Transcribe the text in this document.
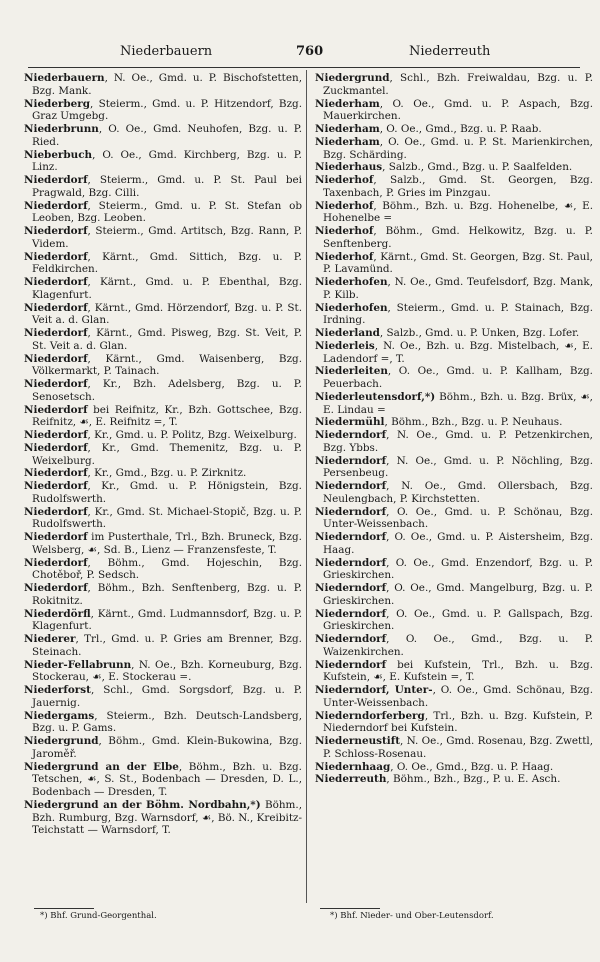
Niederbauern	760	Niederreuth

Niederbauern, N. Oe., Gmd. u. P. Bischofstetten, Bzg. Mank.

Niederberg, Steierm., Gmd. u. P. Hitzendorf, Bzg. Graz Umgebg.

Niederbrunn, O. Oe., Gmd. Neuhofen, Bzg. u. P. Ried.

Nieberbuch, O. Oe., Gmd. Kirchberg, Bzg. u. P. Linz.

Niederdorf, Steierm., Gmd. u. P. St. Paul bei Pragwald, Bzg. Cilli.

Niederdorf, Steierm., Gmd. u. P. St. Stefan ob Leoben, Bzg. Leoben.

Niederdorf, Steierm., Gmd. Artitsch, Bzg. Rann, P. Videm.

Niederdorf, Kärnt., Gmd. Sittich, Bzg. u. P. Feldkirchen.

Niederdorf, Kärnt., Gmd. u. P. Ebenthal, Bzg. Klagenfurt.

Niederdorf, Kärnt., Gmd. Hörzendorf, Bzg. u. P. St. Veit a. d. Glan.

Niederdorf, Kärnt., Gmd. Pisweg, Bzg. St. Veit, P. St. Veit a. d. Glan.

Niederdorf, Kärnt., Gmd. Waisenberg, Bzg. Völkermarkt, P. Tainach.

Niederdorf, Kr., Bzh. Adelsberg, Bzg. u. P. Senosetsch.

Niederdorf bei Reifnitz, Kr., Bzh. Gottschee, Bzg. Reifnitz, ☙, E. Reifnitz =, T.

Niederdorf, Kr., Gmd. u. P. Politz, Bzg. Weixelburg.

Niederdorf, Kr., Gmd. Themenitz, Bzg. u. P. Weixelburg.

Niederdorf, Kr., Gmd., Bzg. u. P. Zirknitz.

Niederdorf, Kr., Gmd. u. P. Hönigstein, Bzg. Rudolfswerth.

Niederdorf, Kr., Gmd. St. Michael-Stopič, Bzg. u. P. Rudolfswerth.

Niederdorf im Pusterthale, Trl., Bzh. Bruneck, Bzg. Welsberg, ☙, Sd. B., Lienz — Franzensfeste, T.

Niederdorf, Böhm., Gmd. Hojeschin, Bzg. Chotěboř, P. Sedsch.

Niederdorf, Böhm., Bzh. Senftenberg, Bzg. u. P. Rokitnitz.

Niederdörfl, Kärnt., Gmd. Ludmannsdorf, Bzg. u. P. Klagenfurt.

Niederer, Trl., Gmd. u. P. Gries am Brenner, Bzg. Steinach.

Nieder-Fellabrunn, N. Oe., Bzh. Korneuburg, Bzg. Stockerau, ☙, E. Stockerau =.

Niederforst, Schl., Gmd. Sorgsdorf, Bzg. u. P. Jauernig.

Niedergams, Steierm., Bzh. Deutsch-Landsberg, Bzg. u. P. Gams.

Niedergrund, Böhm., Gmd. Klein-Bukowina, Bzg. Jaroměř.

Niedergrund an der Elbe, Böhm., Bzh. u. Bzg. Tetschen, ☙, S. St., Bodenbach — Dresden, D. L., Bodenbach — Dresden, T.

Niedergrund an der Böhm. Nordbahn,*) Böhm., Bzh. Rumburg, Bzg. Warnsdorf, ☙, Bö. N., Kreibitz-Teichstatt — Warnsdorf, T.

Niedergrund, Schl., Bzh. Freiwaldau, Bzg. u. P. Zuckmantel.

Niederham, O. Oe., Gmd. u. P. Aspach, Bzg. Mauerkirchen.

Niederham, O. Oe., Gmd., Bzg. u. P. Raab.

Niederham, O. Oe., Gmd. u. P. St. Marienkirchen, Bzg. Schärding.

Niederhaus, Salzb., Gmd., Bzg. u. P. Saalfelden.

Niederhof, Salzb., Gmd. St. Georgen, Bzg. Taxenbach, P. Gries im Pinzgau.

Niederhof, Böhm., Bzh. u. Bzg. Hohenelbe, ☙, E. Hohenelbe =

Niederhof, Böhm., Gmd. Helkowitz, Bzg. u. P. Senftenberg.

Niederhof, Kärnt., Gmd. St. Georgen, Bzg. St. Paul, P. Lavamünd.

Niederhofen, N. Oe., Gmd. Teufelsdorf, Bzg. Mank, P. Kilb.

Niederhofen, Steierm., Gmd. u. P. Stainach, Bzg. Irdning.

Niederland, Salzb., Gmd. u. P. Unken, Bzg. Lofer.

Niederleis, N. Oe., Bzh. u. Bzg. Mistelbach, ☙, E. Ladendorf =, T.

Niederleiten, O. Oe., Gmd. u. P. Kallham, Bzg. Peuerbach.

Niederleutensdorf,*) Böhm., Bzh. u. Bzg. Brüx, ☙, E. Lindau =

Niedermühl, Böhm., Bzh., Bzg. u. P. Neuhaus.

Niederndorf, N. Oe., Gmd. u. P. Petzenkirchen, Bzg. Ybbs.

Niederndorf, N. Oe., Gmd. u. P. Nöchling, Bzg. Persenbeug.

Niederndorf, N. Oe., Gmd. Ollersbach, Bzg. Neulengbach, P. Kirchstetten.

Niederndorf, O. Oe., Gmd. u. P. Schönau, Bzg. Unter-Weissenbach.

Niederndorf, O. Oe., Gmd. u. P. Aistersheim, Bzg. Haag.

Niederndorf, O. Oe., Gmd. Enzendorf, Bzg. u. P. Grieskirchen.

Niederndorf, O. Oe., Gmd. Mangelburg, Bzg. u. P. Grieskirchen.

Niederndorf, O. Oe., Gmd. u. P. Gallspach, Bzg. Grieskirchen.

Niederndorf, O. Oe., Gmd., Bzg. u. P. Waizenkirchen.

Niederndorf bei Kufstein, Trl., Bzh. u. Bzg. Kufstein, ☙, E. Kufstein =, T.

Niederndorf, Unter-, O. Oe., Gmd. Schönau, Bzg. Unter-Weissenbach.

Niederndorferberg, Trl., Bzh. u. Bzg. Kufstein, P. Niederndorf bei Kufstein.

Niederneustift, N. Oe., Gmd. Rosenau, Bzg. Zwettl, P. Schloss-Rosenau.

Niedernhaag, O. Oe., Gmd., Bzg. u. P. Haag.

Niederreuth, Böhm., Bzh., Bzg., P. u. E. Asch.

*) Bhf. Grund-Georgenthal.	*) Bhf. Nieder- und Ober-Leutensdorf.
